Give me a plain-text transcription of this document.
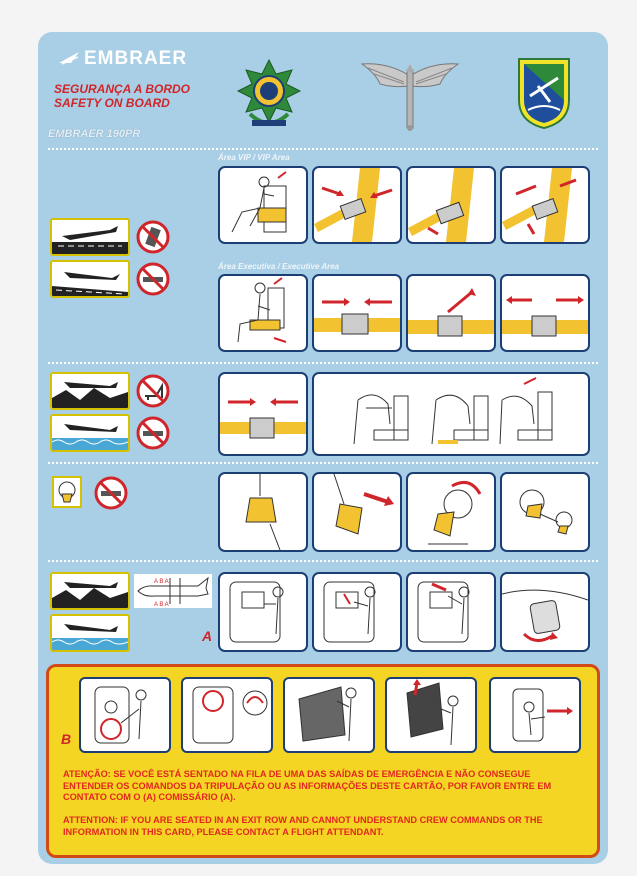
EMBRAER
SEGURANÇA A BORDO
SAFETY ON BOARD
EMBRAER 190PR
Área VIP / VIP Area
Área Executiva / Executive Area
A B A
A B A
A
B
ATENÇÃO: SE VOCÊ ESTÁ SENTADO NA FILA DE UMA DAS SAÍDAS DE EMERGÊNCIA E NÃO CONSEGUE ENTENDER OS COMANDOS DA TRIPULAÇÃO OU AS INFORMAÇÕES DESTE CARTÃO, POR FAVOR ENTRE EM CONTATO COM O (A) COMISSÁRIO (A).
ATTENTION: IF YOU ARE SEATED IN AN EXIT ROW AND CANNOT UNDERSTAND CREW COMMANDS OR THE INFORMATION IN THIS CARD, PLEASE CONTACT A FLIGHT ATTENDANT.
